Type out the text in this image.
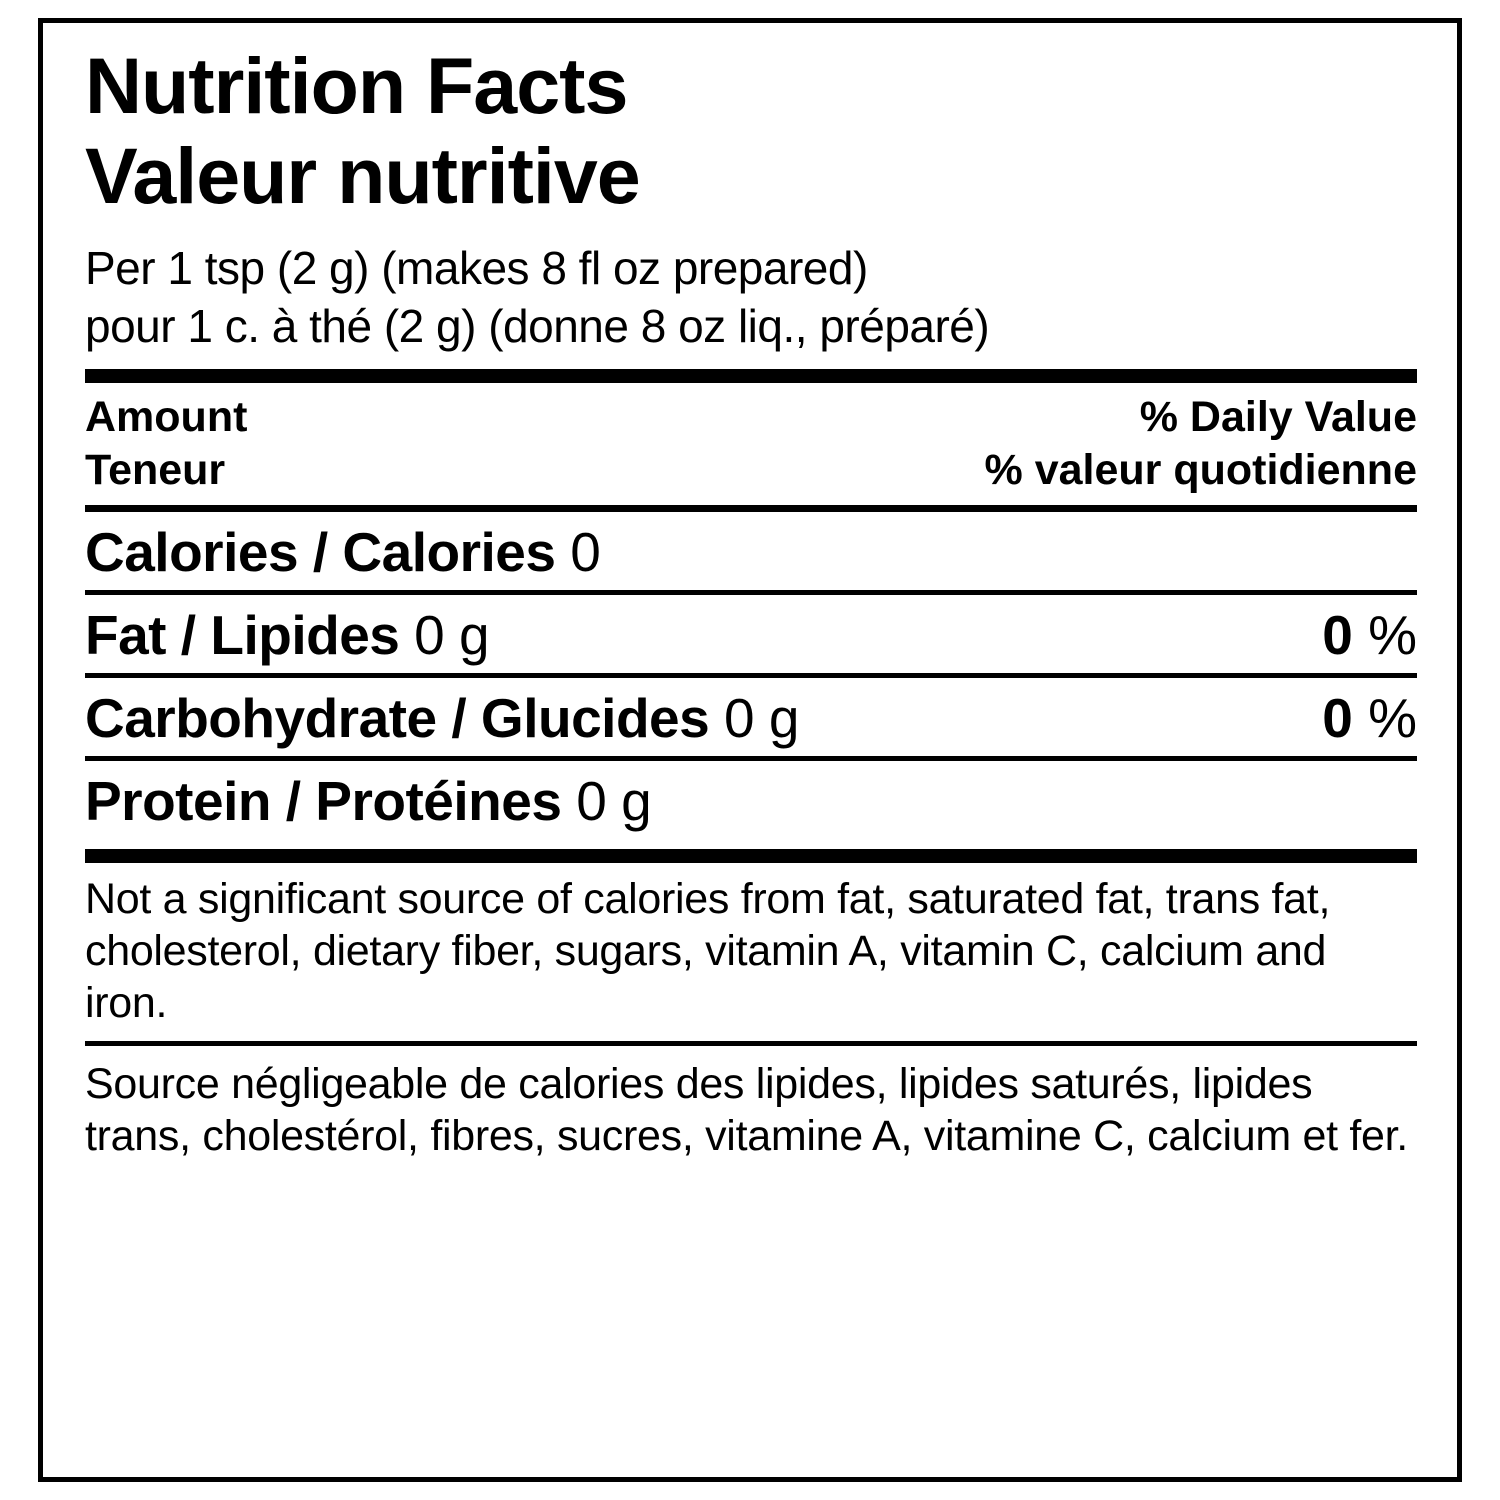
Nutrition Facts
Valeur nutritive
Per 1 tsp (2 g) (makes 8 fl oz prepared)
pour 1 c. à thé (2 g) (donne 8 oz liq., préparé)
Amount	% Daily Value
Teneur	% valeur quotidienne
Calories / Calories 0
Fat / Lipides 0 g	0 %
Carbohydrate / Glucides 0 g	0 %
Protein / Protéines 0 g
Not a significant source of calories from fat, saturated fat, trans fat, cholesterol, dietary fiber, sugars, vitamin A, vitamin C, calcium and iron.
Source négligeable de calories des lipides, lipides saturés, lipides trans, cholestérol, fibres, sucres, vitamine A, vitamine C, calcium et fer.
